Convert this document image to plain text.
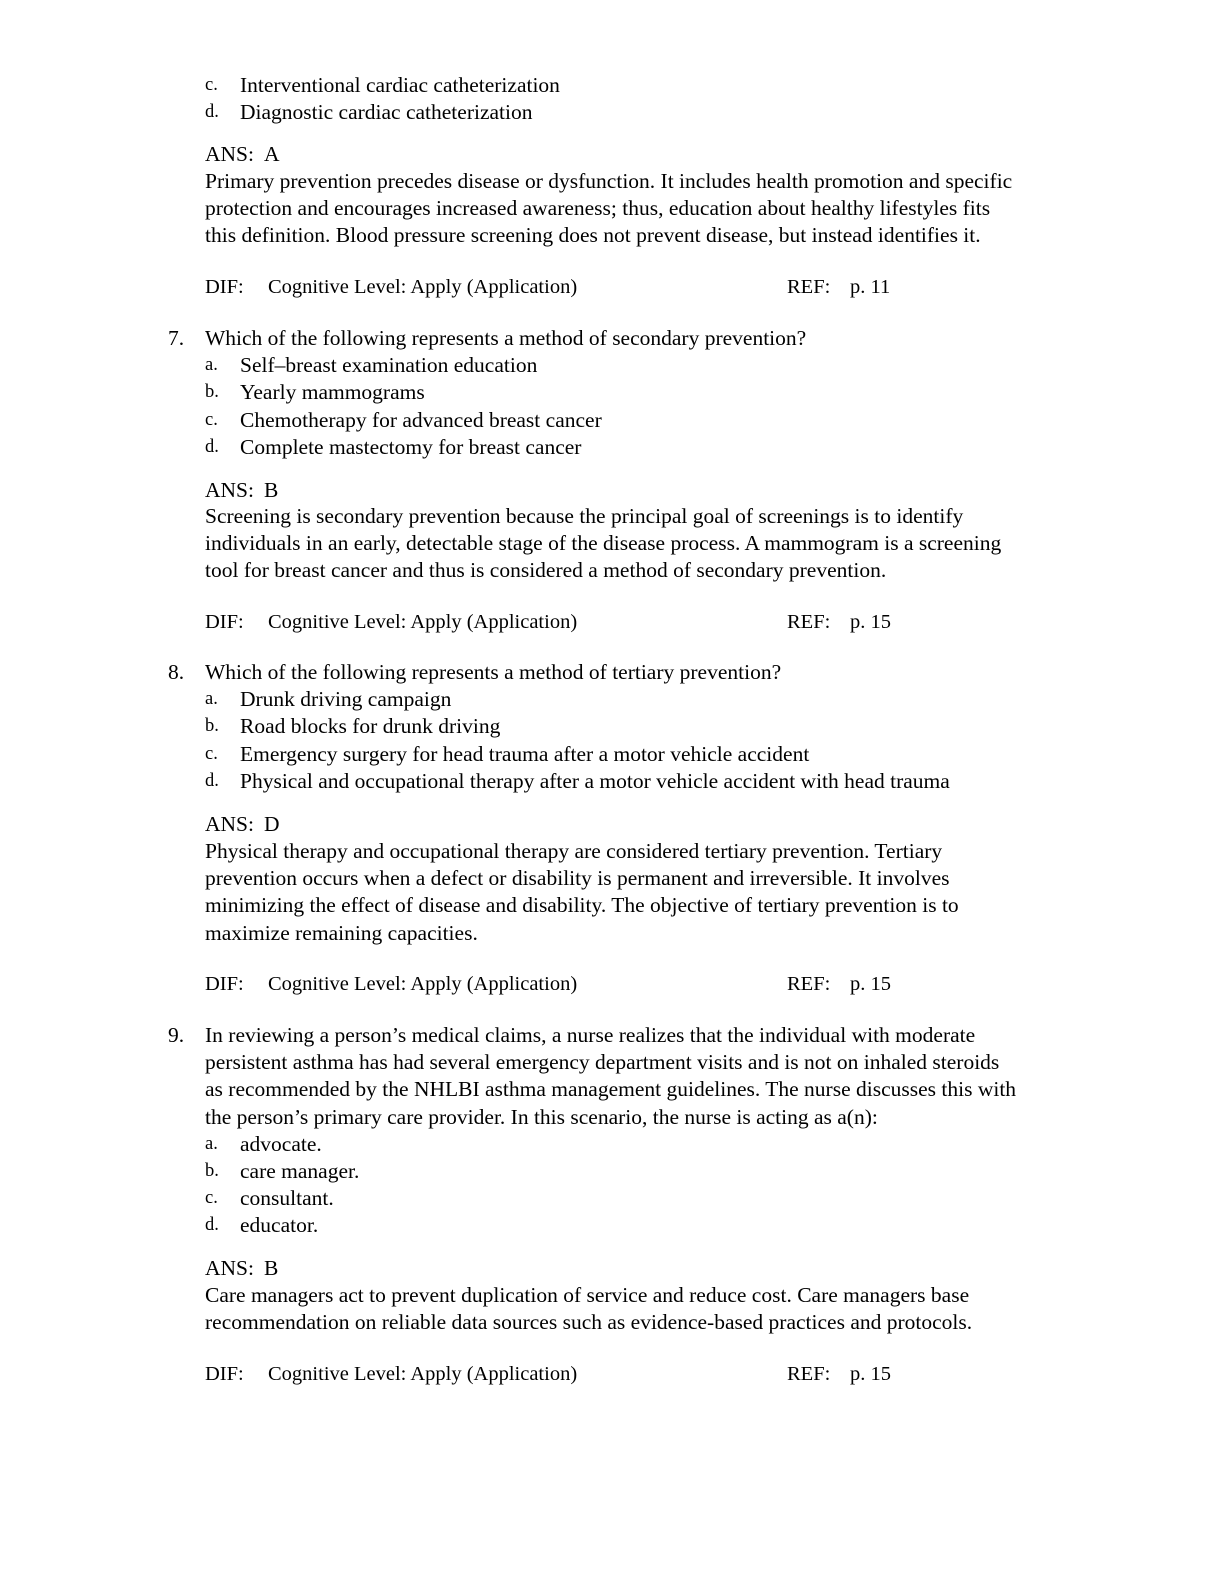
c.	Interventional cardiac catheterization
d. Diagnostic cardiac catheterization
ANS: A
Primary prevention precedes disease or dysfunction. It includes health promotion and specific
protection and encourages increased awareness; thus, education about healthy lifestyles fits
this definition. Blood pressure screening does not prevent disease, but instead identifies it.
DIF: Cognitive Level: Apply (Application)	REF: p. 11
7. Which of the following represents a method of secondary prevention?
a.	Self–breast examination education
b. Yearly mammograms
c.	Chemotherapy for advanced breast cancer
d. Complete mastectomy for breast cancer
ANS: B
Screening is secondary prevention because the principal goal of screenings is to identify
individuals in an early, detectable stage of the disease process. A mammogram is a screening
tool for breast cancer and thus is considered a method of secondary prevention.
DIF: Cognitive Level: Apply (Application)	REF: p. 15
8. Which of the following represents a method of tertiary prevention?
a.	Drunk driving campaign
b. Road blocks for drunk driving
c.	Emergency surgery for head trauma after a motor vehicle accident
d. Physical and occupational therapy after a motor vehicle accident with head trauma
ANS: D
Physical therapy and occupational therapy are considered tertiary prevention. Tertiary
prevention occurs when a defect or disability is permanent and irreversible. It involves
minimizing the effect of disease and disability. The objective of tertiary prevention is to
maximize remaining capacities.
DIF: Cognitive Level: Apply (Application)	REF: p. 15
9. In reviewing a person’s medical claims, a nurse realizes that the individual with moderate
persistent asthma has had several emergency department visits and is not on inhaled steroids
as recommended by the NHLBI asthma management guidelines. The nurse discusses this with
the person’s primary care provider. In this scenario, the nurse is acting as a(n):
a.	advocate.
b. care manager.
c.	consultant.
d. educator.
ANS: B
Care managers act to prevent duplication of service and reduce cost. Care managers base
recommendation on reliable data sources such as evidence-based practices and protocols.
DIF: Cognitive Level: Apply (Application)	REF: p. 15
